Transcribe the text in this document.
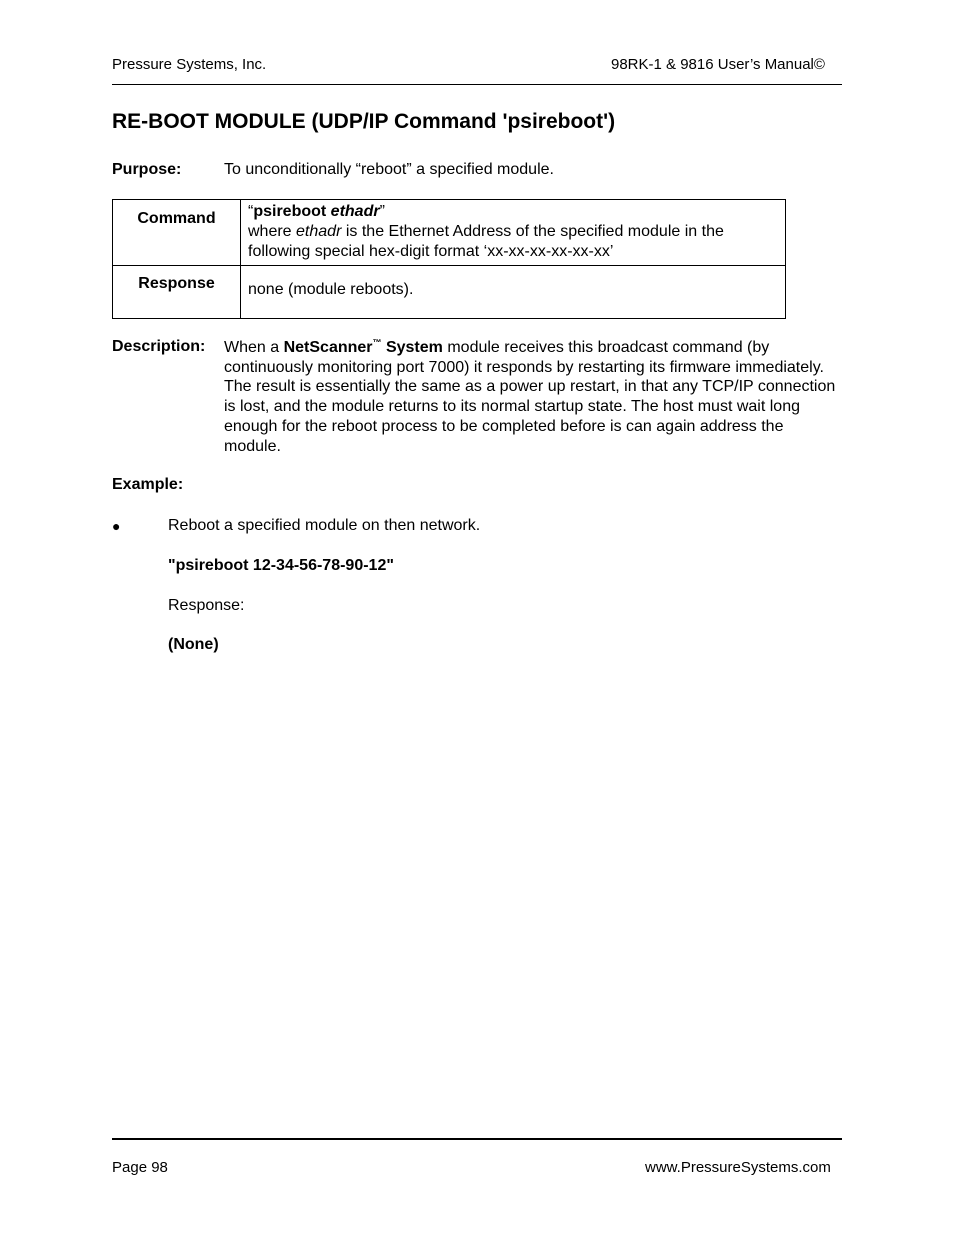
Pressure Systems, Inc.	98RK-1 & 9816 User’s Manual©
RE-BOOT MODULE (UDP/IP Command 'psireboot')
Purpose:	To unconditionally “reboot” a specified module.
Command	“psireboot ethadr”
where ethadr is the Ethernet Address of the specified module in the following special hex-digit format ‘xx-xx-xx-xx-xx-xx’

Response	none (module reboots).
Description: When a NetScanner™ System module receives this broadcast command (by continuously monitoring port 7000) it responds by restarting its firmware immediately. The result is essentially the same as a power up restart, in that any TCP/IP connection is lost, and the module returns to its normal startup state. The host must wait long enough for the reboot process to be completed before is can again address the module.
Example:
●	Reboot a specified module on then network.
"psireboot 12-34-56-78-90-12"
Response:
(None)
Page 98	www.PressureSystems.com
